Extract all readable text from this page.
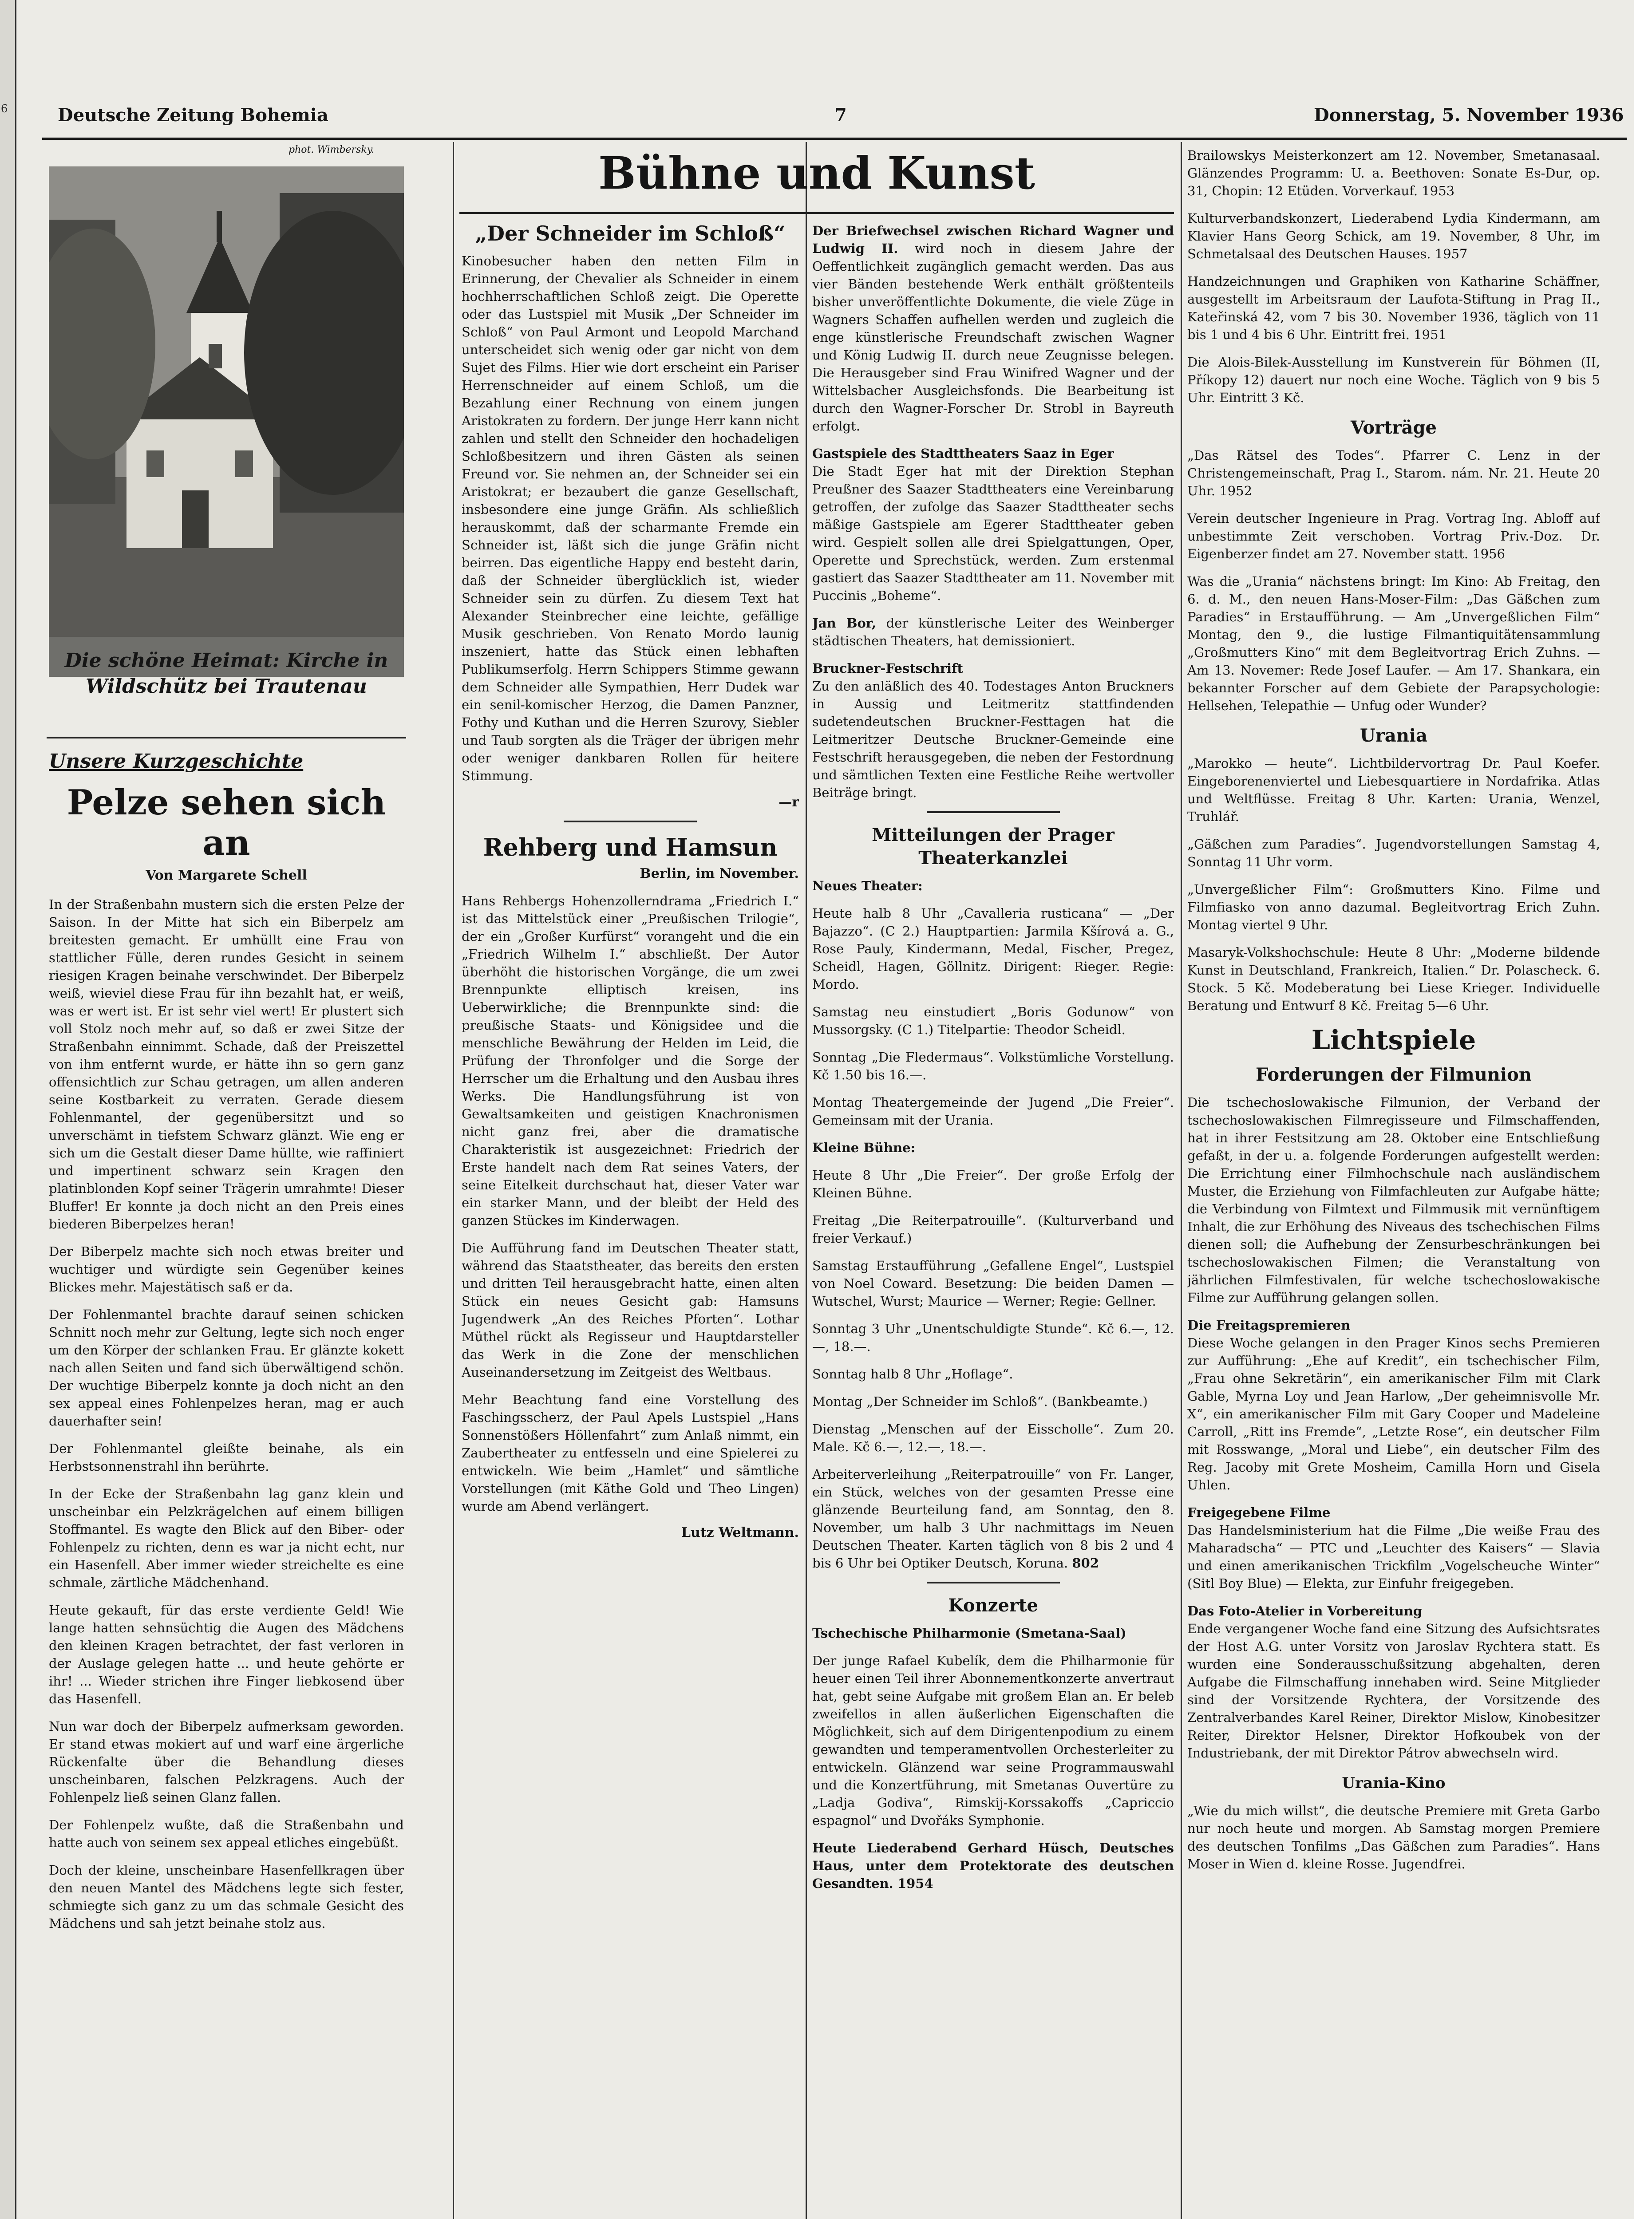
6	Deutsche Zeitung Bohemia	7	Donnerstag, 5. November 1936
phot. Wimbersky.
Die schöne Heimat: Kirche in Wildschütz bei Trautenau
Unsere Kurzgeschichte
Pelze sehen sich an
Von Margarete Schell

In der Straßenbahn mustern sich die ersten Pelze der Saison. In der Mitte hat sich ein Biberpelz am breitesten gemacht. Er umhüllt eine Frau von stattlicher Fülle, deren rundes Gesicht in seinem riesigen Kragen beinahe verschwindet. Der Biberpelz weiß, wieviel diese Frau für ihn bezahlt hat, er weiß, was er wert ist. Er ist sehr viel wert! Er plustert sich voll Stolz noch mehr auf, so daß er zwei Sitze der Straßenbahn einnimmt. Schade, daß der Preiszettel von ihm entfernt wurde, er hätte ihn so gern ganz offensichtlich zur Schau getragen, um allen anderen seine Kostbarkeit zu verraten. Gerade diesem Fohlenmantel, der gegenübersitzt und so unverschämt in tiefstem Schwarz glänzt. Wie eng er sich um die Gestalt dieser Dame hüllte, wie raffiniert und impertinent schwarz sein Kragen den platinblonden Kopf seiner Trägerin umrahmte! Dieser Bluffer! Er konnte ja doch nicht an den Preis eines biederen Biberpelzes heran!

Der Biberpelz machte sich noch etwas breiter und wuchtiger und würdigte sein Gegenüber keines Blickes mehr. Majestätisch saß er da.

Der Fohlenmantel brachte darauf seinen schicken Schnitt noch mehr zur Geltung, legte sich noch enger um den Körper der schlanken Frau. Er glänzte kokett nach allen Seiten und fand sich überwältigend schön. Der wuchtige Biberpelz konnte ja doch nicht an den sex appeal eines Fohlenpelzes heran, mag er auch dauerhafter sein!

Der Fohlenmantel gleißte beinahe, als ein Herbstsonnenstrahl ihn berührte.

In der Ecke der Straßenbahn lag ganz klein und unscheinbar ein Pelzkrägelchen auf einem billigen Stoffmantel. Es wagte den Blick auf den Biber- oder Fohlenpelz zu richten, denn es war ja nicht echt, nur ein Hasenfell. Aber immer wieder streichelte es eine schmale, zärtliche Mädchenhand.

Heute gekauft, für das erste verdiente Geld! Wie lange hatten sehnsüchtig die Augen des Mädchens den kleinen Kragen betrachtet, der fast verloren in der Auslage gelegen hatte ... und heute gehörte er ihr! ... Wieder strichen ihre Finger liebkosend über das Hasenfell.

Nun war doch der Biberpelz aufmerksam geworden. Er stand etwas mokiert auf und warf eine ärgerliche Rückenfalte über die Behandlung dieses unscheinbaren, falschen Pelzkragens. Auch der Fohlenpelz ließ seinen Glanz fallen.

Der Fohlenpelz wußte, daß die Straßenbahn und hatte auch von seinem sex appeal etliches eingebüßt.

Doch der kleine, unscheinbare Hasenfellkragen über den neuen Mantel des Mädchens legte sich fester, schmiegte sich ganz zu um das schmale Gesicht des Mädchens und sah jetzt beinahe stolz aus.

Bühne und Kunst
„Der Schneider im Schloß“

Kinobesucher haben den netten Film in Erinnerung, der Chevalier als Schneider in einem hochherrschaftlichen Schloß zeigt. Die Operette oder das Lustspiel mit Musik „Der Schneider im Schloß“ von Paul Armont und Leopold Marchand unterscheidet sich wenig oder gar nicht von dem Sujet des Films. Hier wie dort erscheint ein Pariser Herrenschneider auf einem Schloß, um die Bezahlung einer Rechnung von einem jungen Aristokraten zu fordern. Der junge Herr kann nicht zahlen und stellt den Schneider den hochadeligen Schloßbesitzern und ihren Gästen als seinen Freund vor. Sie nehmen an, der Schneider sei ein Aristokrat; er bezaubert die ganze Gesellschaft, insbesondere eine junge Gräfin. Als schließlich herauskommt, daß der scharmante Fremde ein Schneider ist, läßt sich die junge Gräfin nicht beirren. Das eigentliche Happy end besteht darin, daß der Schneider überglücklich ist, wieder Schneider sein zu dürfen. Zu diesem Text hat Alexander Steinbrecher eine leichte, gefällige Musik geschrieben. Von Renato Mordo launig inszeniert, hatte das Stück einen lebhaften Publikumserfolg. Herrn Schippers Stimme gewann dem Schneider alle Sympathien, Herr Dudek war ein senil-komischer Herzog, die Damen Panzner, Fothy und Kuthan und die Herren Szurovy, Siebler und Taub sorgten als die Träger der übrigen mehr oder weniger dankbaren Rollen für heitere Stimmung.

—r
Rehberg und Hamsun
Berlin, im November.

Hans Rehbergs Hohenzollerndrama „Friedrich I.“ ist das Mittelstück einer „Preußischen Trilogie“, der ein „Großer Kurfürst“ vorangeht und die ein „Friedrich Wilhelm I.“ abschließt. Der Autor überhöht die historischen Vorgänge, die um zwei Brennpunkte elliptisch kreisen, ins Ueberwirkliche; die Brennpunkte sind: die preußische Staats- und Königsidee und die menschliche Bewährung der Helden im Leid, die Prüfung der Thronfolger und die Sorge der Herrscher um die Erhaltung und den Ausbau ihres Werks. Die Handlungsführung ist von Gewaltsamkeiten und geistigen Knachronismen nicht ganz frei, aber die dramatische Charakteristik ist ausgezeichnet: Friedrich der Erste handelt nach dem Rat seines Vaters, der seine Eitelkeit durchschaut hat, dieser Vater war ein starker Mann, und der bleibt der Held des ganzen Stückes im Kinderwagen.

Die Aufführung fand im Deutschen Theater statt, während das Staatstheater, das bereits den ersten und dritten Teil herausgebracht hatte, einen alten Stück ein neues Gesicht gab: Hamsuns Jugendwerk „An des Reiches Pforten“. Lothar Müthel rückt als Regisseur und Hauptdarsteller das Werk in die Zone der menschlichen Auseinandersetzung im Zeitgeist des Weltbaus.

Mehr Beachtung fand eine Vorstellung des Faschingsscherz, der Paul Apels Lustspiel „Hans Sonnenstößers Höllenfahrt“ zum Anlaß nimmt, ein Zaubertheater zu entfesseln und eine Spielerei zu entwickeln. Wie beim „Hamlet“ und sämtliche Vorstellungen (mit Käthe Gold und Theo Lingen) wurde am Abend verlängert.

Lutz Weltmann.

Der Briefwechsel zwischen Richard Wagner und Ludwig II. wird noch in diesem Jahre der Oeffentlichkeit zugänglich gemacht werden. Das aus vier Bänden bestehende Werk enthält größtenteils bisher unveröffentlichte Dokumente, die viele Züge in Wagners Schaffen aufhellen werden und zugleich die enge künstlerische Freundschaft zwischen Wagner und König Ludwig II. durch neue Zeugnisse belegen. Die Herausgeber sind Frau Winifred Wagner und der Wittelsbacher Ausgleichsfonds. Die Bearbeitung ist durch den Wagner-Forscher Dr. Strobl in Bayreuth erfolgt.

Gastspiele des Stadttheaters Saaz in Eger
Die Stadt Eger hat mit der Direktion Stephan Preußner des Saazer Stadttheaters eine Vereinbarung getroffen, der zufolge das Saazer Stadttheater sechs mäßige Gastspiele am Egerer Stadttheater geben wird. Gespielt sollen alle drei Spielgattungen, Oper, Operette und Sprechstück, werden. Zum erstenmal gastiert das Saazer Stadttheater am 11. November mit Puccinis „Boheme“.

Jan Bor, der künstlerische Leiter des Weinberger städtischen Theaters, hat demissioniert.

Bruckner-Festschrift
Zu den anläßlich des 40. Todestages Anton Bruckners in Aussig und Leitmeritz stattfindenden sudetendeutschen Bruckner-Festtagen hat die Leitmeritzer Deutsche Bruckner-Gemeinde eine Festschrift herausgegeben, die neben der Festordnung und sämtlichen Texten eine Festliche Reihe wertvoller Beiträge bringt.

Mitteilungen der Prager Theaterkanzlei

Neues Theater:

Heute halb 8 Uhr „Cavalleria rusticana“ — „Der Bajazzo“. (C 2.) Hauptpartien: Jarmila Kšírová a. G., Rose Pauly, Kindermann, Medal, Fischer, Pregez, Scheidl, Hagen, Göllnitz. Dirigent: Rieger. Regie: Mordo.

Samstag neu einstudiert „Boris Godunow“ von Mussorgsky. (C 1.) Titelpartie: Theodor Scheidl.

Sonntag „Die Fledermaus“. Volkstümliche Vorstellung. Kč 1.50 bis 16.—.

Montag Theatergemeinde der Jugend „Die Freier“. Gemeinsam mit der Urania.

Kleine Bühne:

Heute 8 Uhr „Die Freier“. Der große Erfolg der Kleinen Bühne.

Freitag „Die Reiterpatrouille“. (Kulturverband und freier Verkauf.)

Samstag Erstaufführung „Gefallene Engel“, Lustspiel von Noel Coward. Besetzung: Die beiden Damen — Wutschel, Wurst; Maurice — Werner; Regie: Gellner.

Sonntag 3 Uhr „Unentschuldigte Stunde“. Kč 6.—, 12.—, 18.—.

Sonntag halb 8 Uhr „Hoflage“.

Montag „Der Schneider im Schloß“. (Bankbeamte.)

Dienstag „Menschen auf der Eisscholle“. Zum 20. Male. Kč 6.—, 12.—, 18.—.

Arbeiterverleihung „Reiterpatrouille“ von Fr. Langer, ein Stück, welches von der gesamten Presse eine glänzende Beurteilung fand, am Sonntag, den 8. November, um halb 3 Uhr nachmittags im Neuen Deutschen Theater. Karten täglich von 8 bis 2 und 4 bis 6 Uhr bei Optiker Deutsch, Koruna. 802

Konzerte

Tschechische Philharmonie (Smetana-Saal)

Der junge Rafael Kubelík, dem die Philharmonie für heuer einen Teil ihrer Abonnementkonzerte anvertraut hat, gebt seine Aufgabe mit großem Elan an. Er beleb zweifellos in allen äußerlichen Eigenschaften die Möglichkeit, sich auf dem Dirigentenpodium zu einem gewandten und temperamentvollen Orchesterleiter zu entwickeln. Glänzend war seine Programmauswahl und die Konzertführung, mit Smetanas Ouvertüre zu „Ladja Godiva“, Rimskij-Korssakoffs „Capriccio espagnol“ und Dvořáks Symphonie.

Heute Liederabend Gerhard Hüsch, Deutsches Haus, unter dem Protektorate des deutschen Gesandten. 1954

Brailowskys Meisterkonzert am 12. November, Smetanasaal. Glänzendes Programm: U. a. Beethoven: Sonate Es-Dur, op. 31, Chopin: 12 Etüden. Vorverkauf. 1953

Kulturverbandskonzert, Liederabend Lydia Kindermann, am Klavier Hans Georg Schick, am 19. November, 8 Uhr, im Schmetalsaal des Deutschen Hauses. 1957

Handzeichnungen und Graphiken von Katharine Schäffner, ausgestellt im Arbeitsraum der Laufota-Stiftung in Prag II., Kateřinská 42, vom 7 bis 30. November 1936, täglich von 11 bis 1 und 4 bis 6 Uhr. Eintritt frei. 1951

Die Alois-Bilek-Ausstellung im Kunstverein für Böhmen (II, Příkopy 12) dauert nur noch eine Woche. Täglich von 9 bis 5 Uhr. Eintritt 3 Kč.

Vorträge

„Das Rätsel des Todes“. Pfarrer C. Lenz in der Christengemeinschaft, Prag I., Starom. nám. Nr. 21. Heute 20 Uhr. 1952

Verein deutscher Ingenieure in Prag. Vortrag Ing. Abloff auf unbestimmte Zeit verschoben. Vortrag Priv.-Doz. Dr. Eigenberzer findet am 27. November statt. 1956

Was die „Urania“ nächstens bringt: Im Kino: Ab Freitag, den 6. d. M., den neuen Hans-Moser-Film: „Das Gäßchen zum Paradies“ in Erstaufführung. — Am „Unvergeßlichen Film“ Montag, den 9., die lustige Filmantiquitätensammlung „Großmutters Kino“ mit dem Begleitvortrag Erich Zuhns. — Am 13. Novemer: Rede Josef Laufer. — Am 17. Shankara, ein bekannter Forscher auf dem Gebiete der Parapsychologie: Hellsehen, Telepathie — Unfug oder Wunder?

Urania

„Marokko — heute“. Lichtbildervortrag Dr. Paul Koefer. Eingeborenenviertel und Liebesquartiere in Nordafrika. Atlas und Weltflüsse. Freitag 8 Uhr. Karten: Urania, Wenzel, Truhlář.

„Gäßchen zum Paradies“. Jugendvorstellungen Samstag 4, Sonntag 11 Uhr vorm.

„Unvergeßlicher Film“: Großmutters Kino. Filme und Filmfiasko von anno dazumal. Begleitvortrag Erich Zuhn. Montag viertel 9 Uhr.

Masaryk-Volkshochschule: Heute 8 Uhr: „Moderne bildende Kunst in Deutschland, Frankreich, Italien.“ Dr. Polascheck. 6. Stock. 5 Kč. Modeberatung bei Liese Krieger. Individuelle Beratung und Entwurf 8 Kč. Freitag 5—6 Uhr.

Lichtspiele
Forderungen der Filmunion

Die tschechoslowakische Filmunion, der Verband der tschechoslowakischen Filmregisseure und Filmschaffenden, hat in ihrer Festsitzung am 28. Oktober eine Entschließung gefaßt, in der u. a. folgende Forderungen aufgestellt werden: Die Errichtung einer Filmhochschule nach ausländischem Muster, die Erziehung von Filmfachleuten zur Aufgabe hätte; die Verbindung von Filmtext und Filmmusik mit vernünftigem Inhalt, die zur Erhöhung des Niveaus des tschechischen Films dienen soll; die Aufhebung der Zensurbeschränkungen bei tschechoslowakischen Filmen; die Veranstaltung von jährlichen Filmfestivalen, für welche tschechoslowakische Filme zur Aufführung gelangen sollen.

Die Freitagspremieren
Diese Woche gelangen in den Prager Kinos sechs Premieren zur Aufführung: „Ehe auf Kredit“, ein tschechischer Film, „Frau ohne Sekretärin“, ein amerikanischer Film mit Clark Gable, Myrna Loy und Jean Harlow, „Der geheimnisvolle Mr. X“, ein amerikanischer Film mit Gary Cooper und Madeleine Carroll, „Ritt ins Fremde“, „Letzte Rose“, ein deutscher Film mit Rosswange, „Moral und Liebe“, ein deutscher Film des Reg. Jacoby mit Grete Mosheim, Camilla Horn und Gisela Uhlen.

Freigegebene Filme
Das Handelsministerium hat die Filme „Die weiße Frau des Maharadscha“ — PTC und „Leuchter des Kaisers“ — Slavia und einen amerikanischen Trickfilm „Vogelscheuche Winter“ (Sitl Boy Blue) — Elekta, zur Einfuhr freigegeben.

Das Foto-Atelier in Vorbereitung
Ende vergangener Woche fand eine Sitzung des Aufsichtsrates der Host A.G. unter Vorsitz von Jaroslav Rychtera statt. Es wurden eine Sonderausschußsitzung abgehalten, deren Aufgabe die Filmschaffung innehaben wird. Seine Mitglieder sind der Vorsitzende Rychtera, der Vorsitzende des Zentralverbandes Karel Reiner, Direktor Mislow, Kinobesitzer Reiter, Direktor Helsner, Direktor Hofkoubek von der Industriebank, der mit Direktor Pátrov abwechseln wird.

Urania-Kino

„Wie du mich willst“, die deutsche Premiere mit Greta Garbo nur noch heute und morgen. Ab Samstag morgen Premiere des deutschen Tonfilms „Das Gäßchen zum Paradies“. Hans Moser in Wien d. kleine Rosse. Jugendfrei.
